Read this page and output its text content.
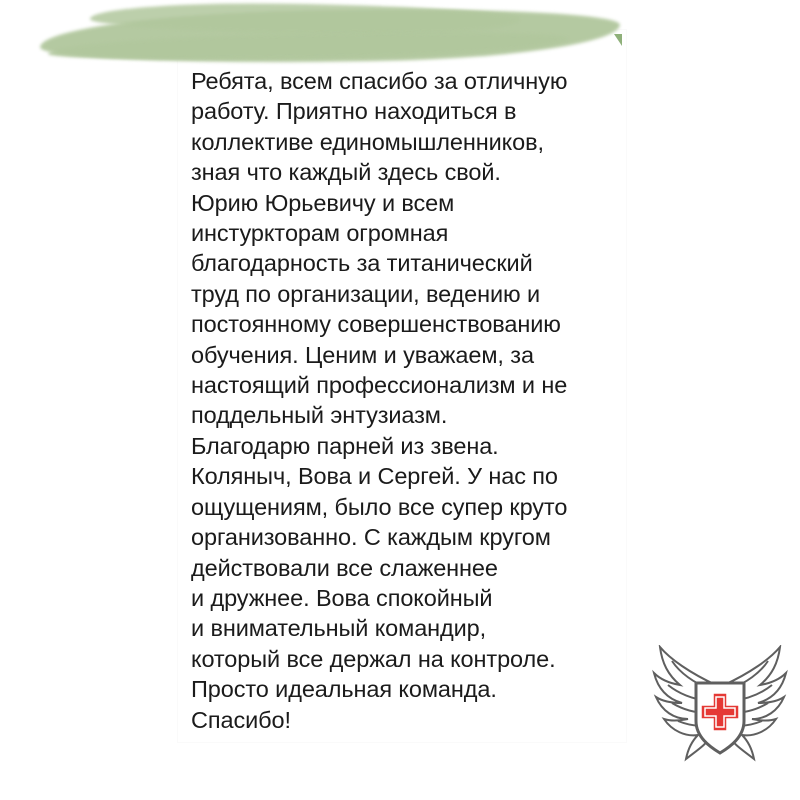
Ребята, всем спасибо за отличную
работу. Приятно находиться в
коллективе единомышленников,
зная что каждый здесь свой.
Юрию Юрьевичу и всем
инстурктoрам огромная
благодарность за титанический
труд по организации, ведению и
постоянному совершенствованию
обучения. Ценим и уважаем, за
настоящий профессионализм и не
поддельный энтузиазм.
Благодарю парней из звена.
Коляныч, Вова и Сергей. У нас по
ощущениям, было все супер круто
организованно. С каждым кругом
действовали все слаженнее
и дружнее. Вова спокойный
и внимательный командир,
который все держал на контроле.
Просто идеальная команда.
Спасибо!
